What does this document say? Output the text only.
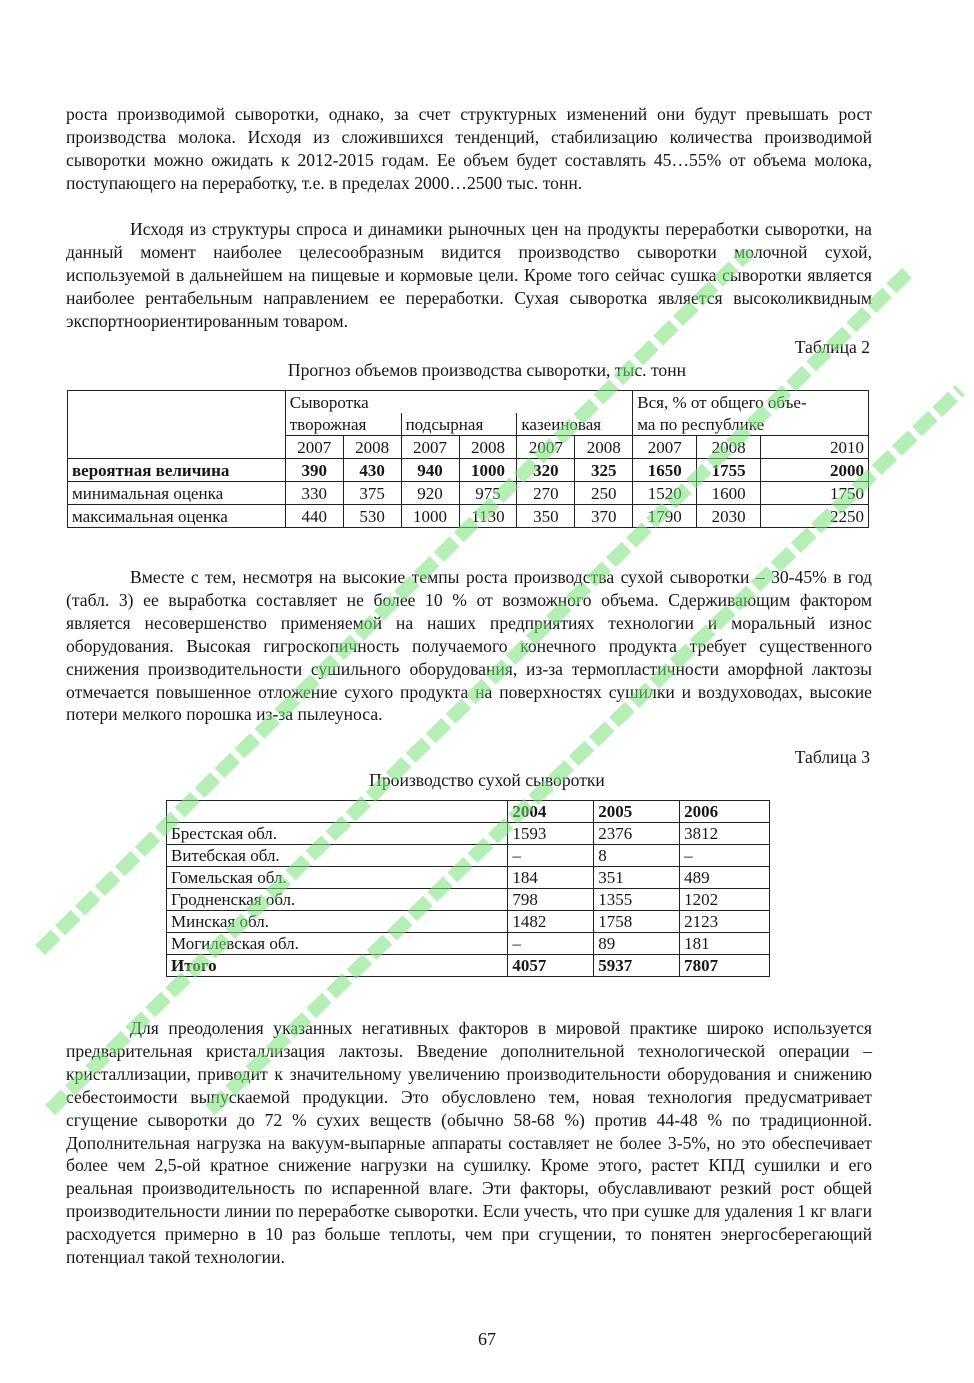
роста производимой сыворотки, однако, за счет структурных изменений они будут превышать рост производства молока. Исходя из сложившихся тенденций, стабилизацию количества производимой сыворотки можно ожидать к 2012-2015 годам. Ее объем будет составлять 45…55% от объема молока, поступающего на переработку, т.е. в пределах 2000…2500 тыс. тонн.

Исходя из структуры спроса и динамики рыночных цен на продукты переработки сыворотки, на данный момент наиболее целесообразным видится производство сыворотки молочной сухой, используемой в дальнейшем на пищевые и кормовые цели. Кроме того сейчас сушка сыворотки является наиболее рентабельным направлением ее переработки. Сухая сыворотка является высоколиквидным экспортноориентированным товаром.

Таблица 2

Прогноз объемов производства сыворотки, тыс. тонн

	Сыворотка						Вся, % от общего объе-		
	творожная		подсырная		казеиновая		ма по республике		
	2007	2008	2007	2008	2007	2008	2007	2008	2010
вероятная величина	390	430	940	1000	320	325	1650	1755	2000
минимальная оценка	330	375	920	975	270	250	1520	1600	1750
максимальная оценка	440	530	1000	1130	350	370	1790	2030	2250

Вместе с тем, несмотря на высокие темпы роста производства сухой сыворотки – 30-45% в год (табл. 3) ее выработка составляет не более 10 % от возможного объема. Сдерживающим фактором является несовершенство применяемой на наших предприятиях технологии и моральный износ оборудования. Высокая гигроскопичность получаемого конечного продукта требует существенного снижения производительности сушильного оборудования, из-за термопластичности аморфной лактозы отмечается повышенное отложение сухого продукта на поверхностях сушилки и воздуховодах, высокие потери мелкого порошка из-за пылеуноса.

Таблица 3

Производство сухой сыворотки

	2004	2005	2006
Брестская обл.	1593	2376	3812
Витебская обл.	–	8	–
Гомельская обл.	184	351	489
Гродненская обл.	798	1355	1202
Минская обл.	1482	1758	2123
Могилевская обл.	–	89	181
Итого	4057	5937	7807

Для преодоления указанных негативных факторов в мировой практике широко используется предварительная кристаллизация лактозы. Введение дополнительной технологической операции – кристаллизации, приводит к значительному увеличению производительности оборудования и снижению себестоимости выпускаемой продукции. Это обусловлено тем, новая технология предусматривает сгущение сыворотки до 72 % сухих веществ (обычно 58-68 %) против 44-48 % по традиционной. Дополнительная нагрузка на вакуум-выпарные аппараты составляет не более 3-5%, но это обеспечивает более чем 2,5-ой кратное снижение нагрузки на сушилку. Кроме этого, растет КПД сушилки и его реальная производительность по испаренной влаге. Эти факторы, обуславливают резкий рост общей производительности линии по переработке сыворотки. Если учесть, что при сушке для удаления 1 кг влаги расходуется примерно в 10 раз больше теплоты, чем при сгущении, то понятен энергосберегающий потенциал такой технологии.

67
